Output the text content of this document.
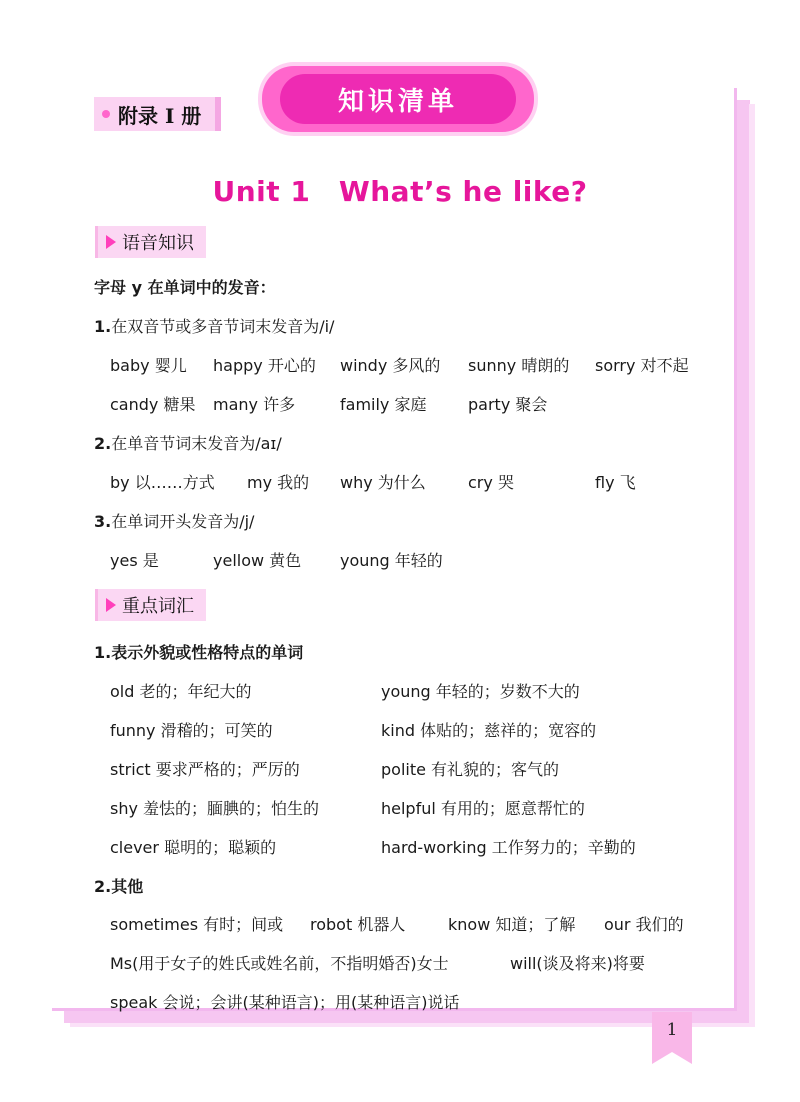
知识清单
附录 I 册
Unit 1　What’s he like?
语音知识
字母 y 在单词中的发音：
1.在双音节或多音节词末发音为/i/
baby 婴儿 happy 开心的 windy 多风的 sunny 晴朗的 sorry 对不起
candy 糖果 many 许多	family 家庭	party 聚会
2.在单音节词末发音为/aɪ/
by 以……方式 my 我的 why 为什么	cry 哭	fly 飞
3.在单词开头发音为/j/
yes 是	yellow 黄色 young 年轻的
重点词汇
1.表示外貌或性格特点的单词
old 老的；年纪大的	young 年轻的；岁数不大的
funny 滑稽的；可笑的	kind 体贴的；慈祥的；宽容的
strict 要求严格的；严厉的	polite 有礼貌的；客气的
shy 羞怯的；腼腆的；怕生的	helpful 有用的；愿意帮忙的
clever 聪明的；聪颖的	hard-working 工作努力的；辛勤的
2.其他
sometimes 有时；间或 robot 机器人	know 知道；了解 our 我们的
Ms(用于女子的姓氏或姓名前，不指明婚否)女士	will(谈及将来)将要
speak 会说；会讲(某种语言)；用(某种语言)说话
1
